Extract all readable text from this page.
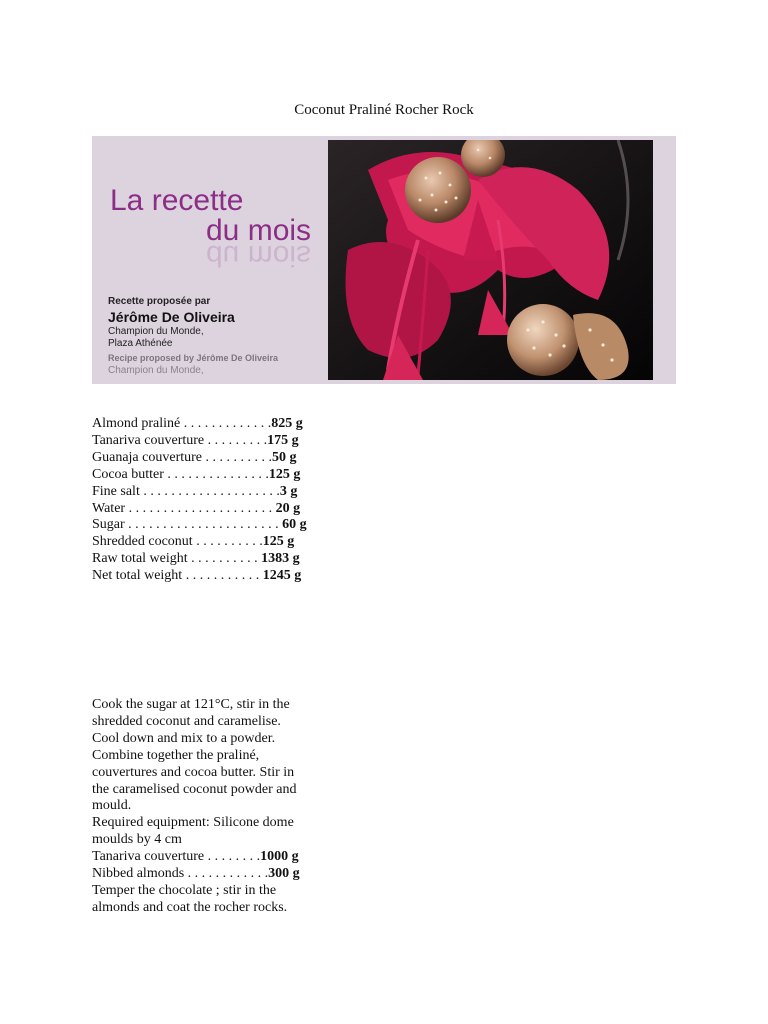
Coconut Praliné Rocher Rock
La recette
du mois
du mois
Recette proposée par
Jérôme De Oliveira
Champion du Monde,
Plaza Athénée
Recipe proposed by Jérôme De Oliveira
Champion du Monde,
Almond praliné . . . . . . . . . . . . .825 g
Tanariva couverture . . . . . . . . .175 g
Guanaja couverture . . . . . . . . . .50 g
Cocoa butter . . . . . . . . . . . . . . .125 g
Fine salt . . . . . . . . . . . . . . . . . . . .3 g
Water . . . . . . . . . . . . . . . . . . . . . 20 g
Sugar . . . . . . . . . . . . . . . . . . . . . . 60 g
Shredded coconut . . . . . . . . . .125 g
Raw total weight . . . . . . . . . . 1383 g
Net total weight . . . . . . . . . . . 1245 g
Cook the sugar at 121°C, stir in the
shredded coconut and caramelise.
Cool down and mix to a powder.
Combine together the praliné,
couvertures and cocoa butter. Stir in
the caramelised coconut powder and
mould.
Required equipment: Silicone dome
moulds by 4 cm
Tanariva couverture . . . . . . . .1000 g
Nibbed almonds . . . . . . . . . . . .300 g
Temper the chocolate ; stir in the
almonds and coat the rocher rocks.
